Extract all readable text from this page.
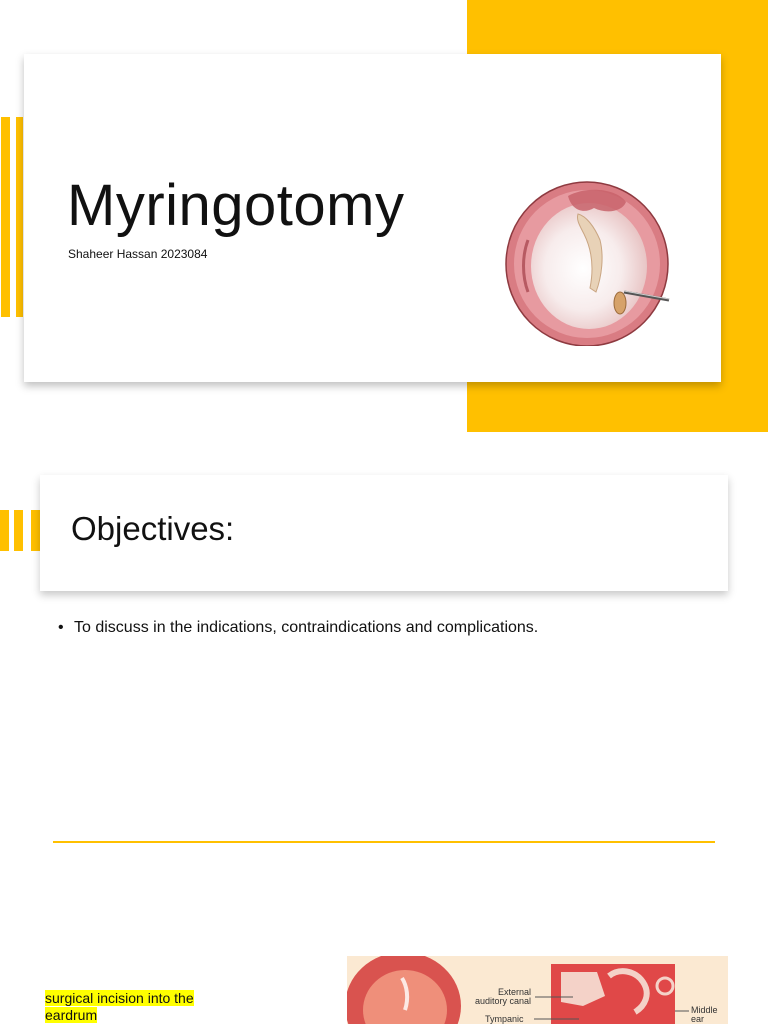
Myringotomy
Shaheer Hassan 2023084
Objectives:
• To discuss in the indications, contraindications and complications.
surgical incision into the eardrum
External auditory canal
Tympanic
Middle ear
